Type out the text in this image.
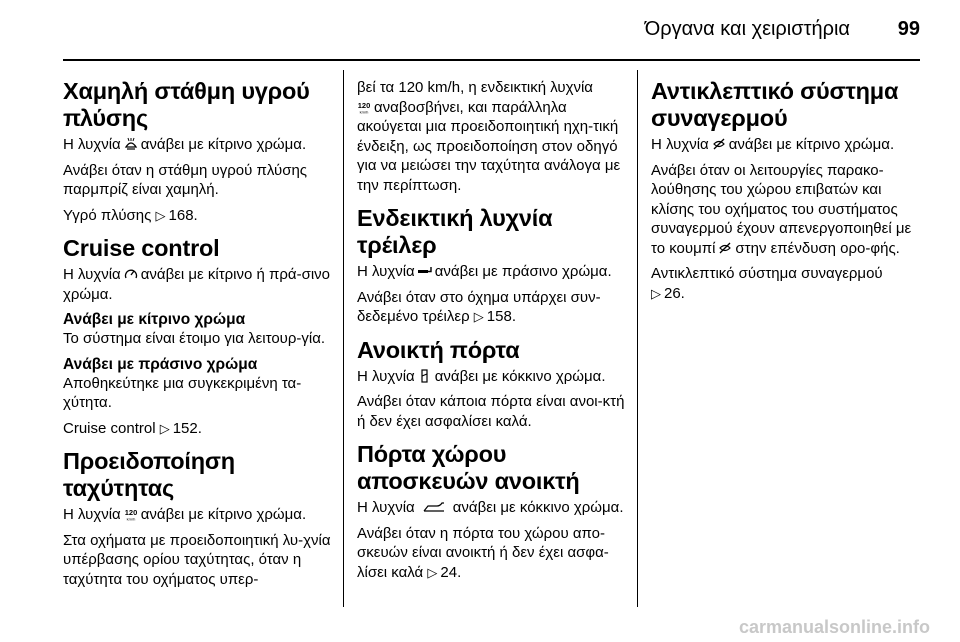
Όργανα και χειριστήρια	99
Χαμηλή στάθμη υγρού πλύσης

Η λυχνία ανάβει με κίτρινο χρώμα.

Ανάβει όταν η στάθμη υγρού πλύσης παρμπρίζ είναι χαμηλή.

Υγρό πλύσης ▷ 168.

Cruise control

Η λυχνία ανάβει με κίτρινο ή πρά-σινο χρώμα.

Ανάβει με κίτρινο χρώμα

Το σύστημα είναι έτοιμο για λειτουρ-γία.

Ανάβει με πράσινο χρώμα

Αποθηκεύτηκε μια συγκεκριμένη τα-χύτητα.

Cruise control ▷ 152.

Προειδοποίηση ταχύτητας

Η λυχνία 120
km/h ανάβει με κίτρινο χρώμα.

Στα οχήματα με προειδοποιητική λυ-χνία υπέρβασης ορίου ταχύτητας, όταν η ταχύτητα του οχήματος υπερ-

βεί τα 120 km/h, η ενδεικτική λυχνία

120
km/h αναβοσβήνει, και παράλληλα ακούγεται μια προειδοποιητική ηχη-τική ένδειξη, ως προειδοποίηση στον οδηγό για να μειώσει την ταχύτητα ανάλογα με την περίπτωση.

Ενδεικτική λυχνία τρέιλερ

Η λυχνία ανάβει με πράσινο χρώμα.

Ανάβει όταν στο όχημα υπάρχει συν-δεδεμένο τρέιλερ ▷ 158.

Ανοικτή πόρτα

Η λυχνία ανάβει με κόκκινο χρώμα.

Ανάβει όταν κάποια πόρτα είναι ανοι-κτή ή δεν έχει ασφαλίσει καλά.

Πόρτα χώρου αποσκευών ανοικτή

Η λυχνία	ανάβει με κόκκινο χρώμα.

Ανάβει όταν η πόρτα του χώρου απο-σκευών είναι ανοικτή ή δεν έχει ασφα-λίσει καλά ▷ 24.

Αντικλεπτικό σύστημα συναγερμού

Η λυχνία ανάβει με κίτρινο χρώμα.

Ανάβει όταν οι λειτουργίες παρακο-λούθησης του χώρου επιβατών και κλίσης του οχήματος του συστήματος συναγερμού έχουν απενεργοποιηθεί με το κουμπί στην επένδυση ορο-φής.

Αντικλεπτικό σύστημα συναγερμού
▷ 26.

carmanualsonline.info
